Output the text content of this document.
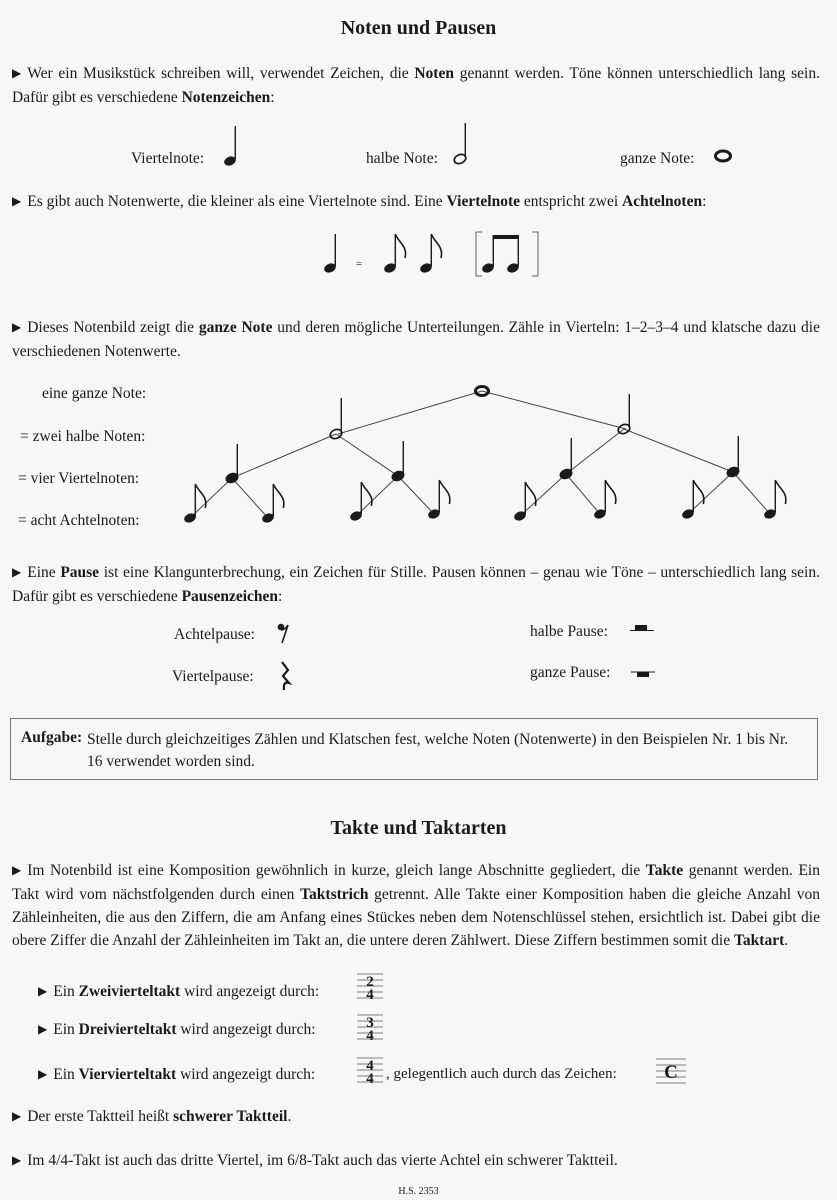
Noten und Pausen
▶ Wer ein Musikstück schreiben will, verwendet Zeichen, die Noten genannt werden. Töne können unterschiedlich lang sein. Dafür gibt es verschiedene Notenzeichen:
Viertelnote:	halbe Note:	ganze Note:
▶ Es gibt auch Notenwerte, die kleiner als eine Viertelnote sind. Eine Viertelnote entspricht zwei Achtelnoten:
=
▶ Dieses Notenbild zeigt die ganze Note und deren mögliche Unterteilungen. Zähle in Vierteln: 1–2–3–4 und klatsche dazu die verschiedenen Notenwerte.
eine ganze Note:
= zwei halbe Noten:
= vier Viertelnoten:
= acht Achtelnoten:
▶ Eine Pause ist eine Klangunterbrechung, ein Zeichen für Stille. Pausen können – genau wie Töne – unterschiedlich lang sein. Dafür gibt es verschiedene Pausenzeichen:
Achtelpause:	halbe Pause:
Viertelpause:	ganze Pause:
Aufgabe: Stelle durch gleichzeitiges Zählen und Klatschen fest, welche Noten (Notenwerte) in den Beispielen Nr. 1 bis Nr. 16 verwendet worden sind.
Takte und Taktarten
▶ Im Notenbild ist eine Komposition gewöhnlich in kurze, gleich lange Abschnitte gegliedert, die Takte genannt werden. Ein Takt wird vom nächstfolgenden durch einen Taktstrich getrennt. Alle Takte einer Komposition haben die gleiche Anzahl von Zähleinheiten, die aus den Ziffern, die am Anfang eines Stückes neben dem Notenschlüssel stehen, ersichtlich ist. Dabei gibt die obere Ziffer die Anzahl der Zähleinheiten im Takt an, die untere deren Zählwert. Diese Ziffern bestimmen somit die Taktart.
▶ Ein Zweivierteltakt wird angezeigt durch:
▶ Ein Dreivierteltakt wird angezeigt durch:
▶ Ein Viervierteltakt wird angezeigt durch:	, gelegentlich auch durch das Zeichen:
2
4
3
4
4
4	C
▶ Der erste Taktteil heißt schwerer Taktteil.
▶ Im 4/4-Takt ist auch das dritte Viertel, im 6/8-Takt auch das vierte Achtel ein schwerer Taktteil.
H.S. 2353
